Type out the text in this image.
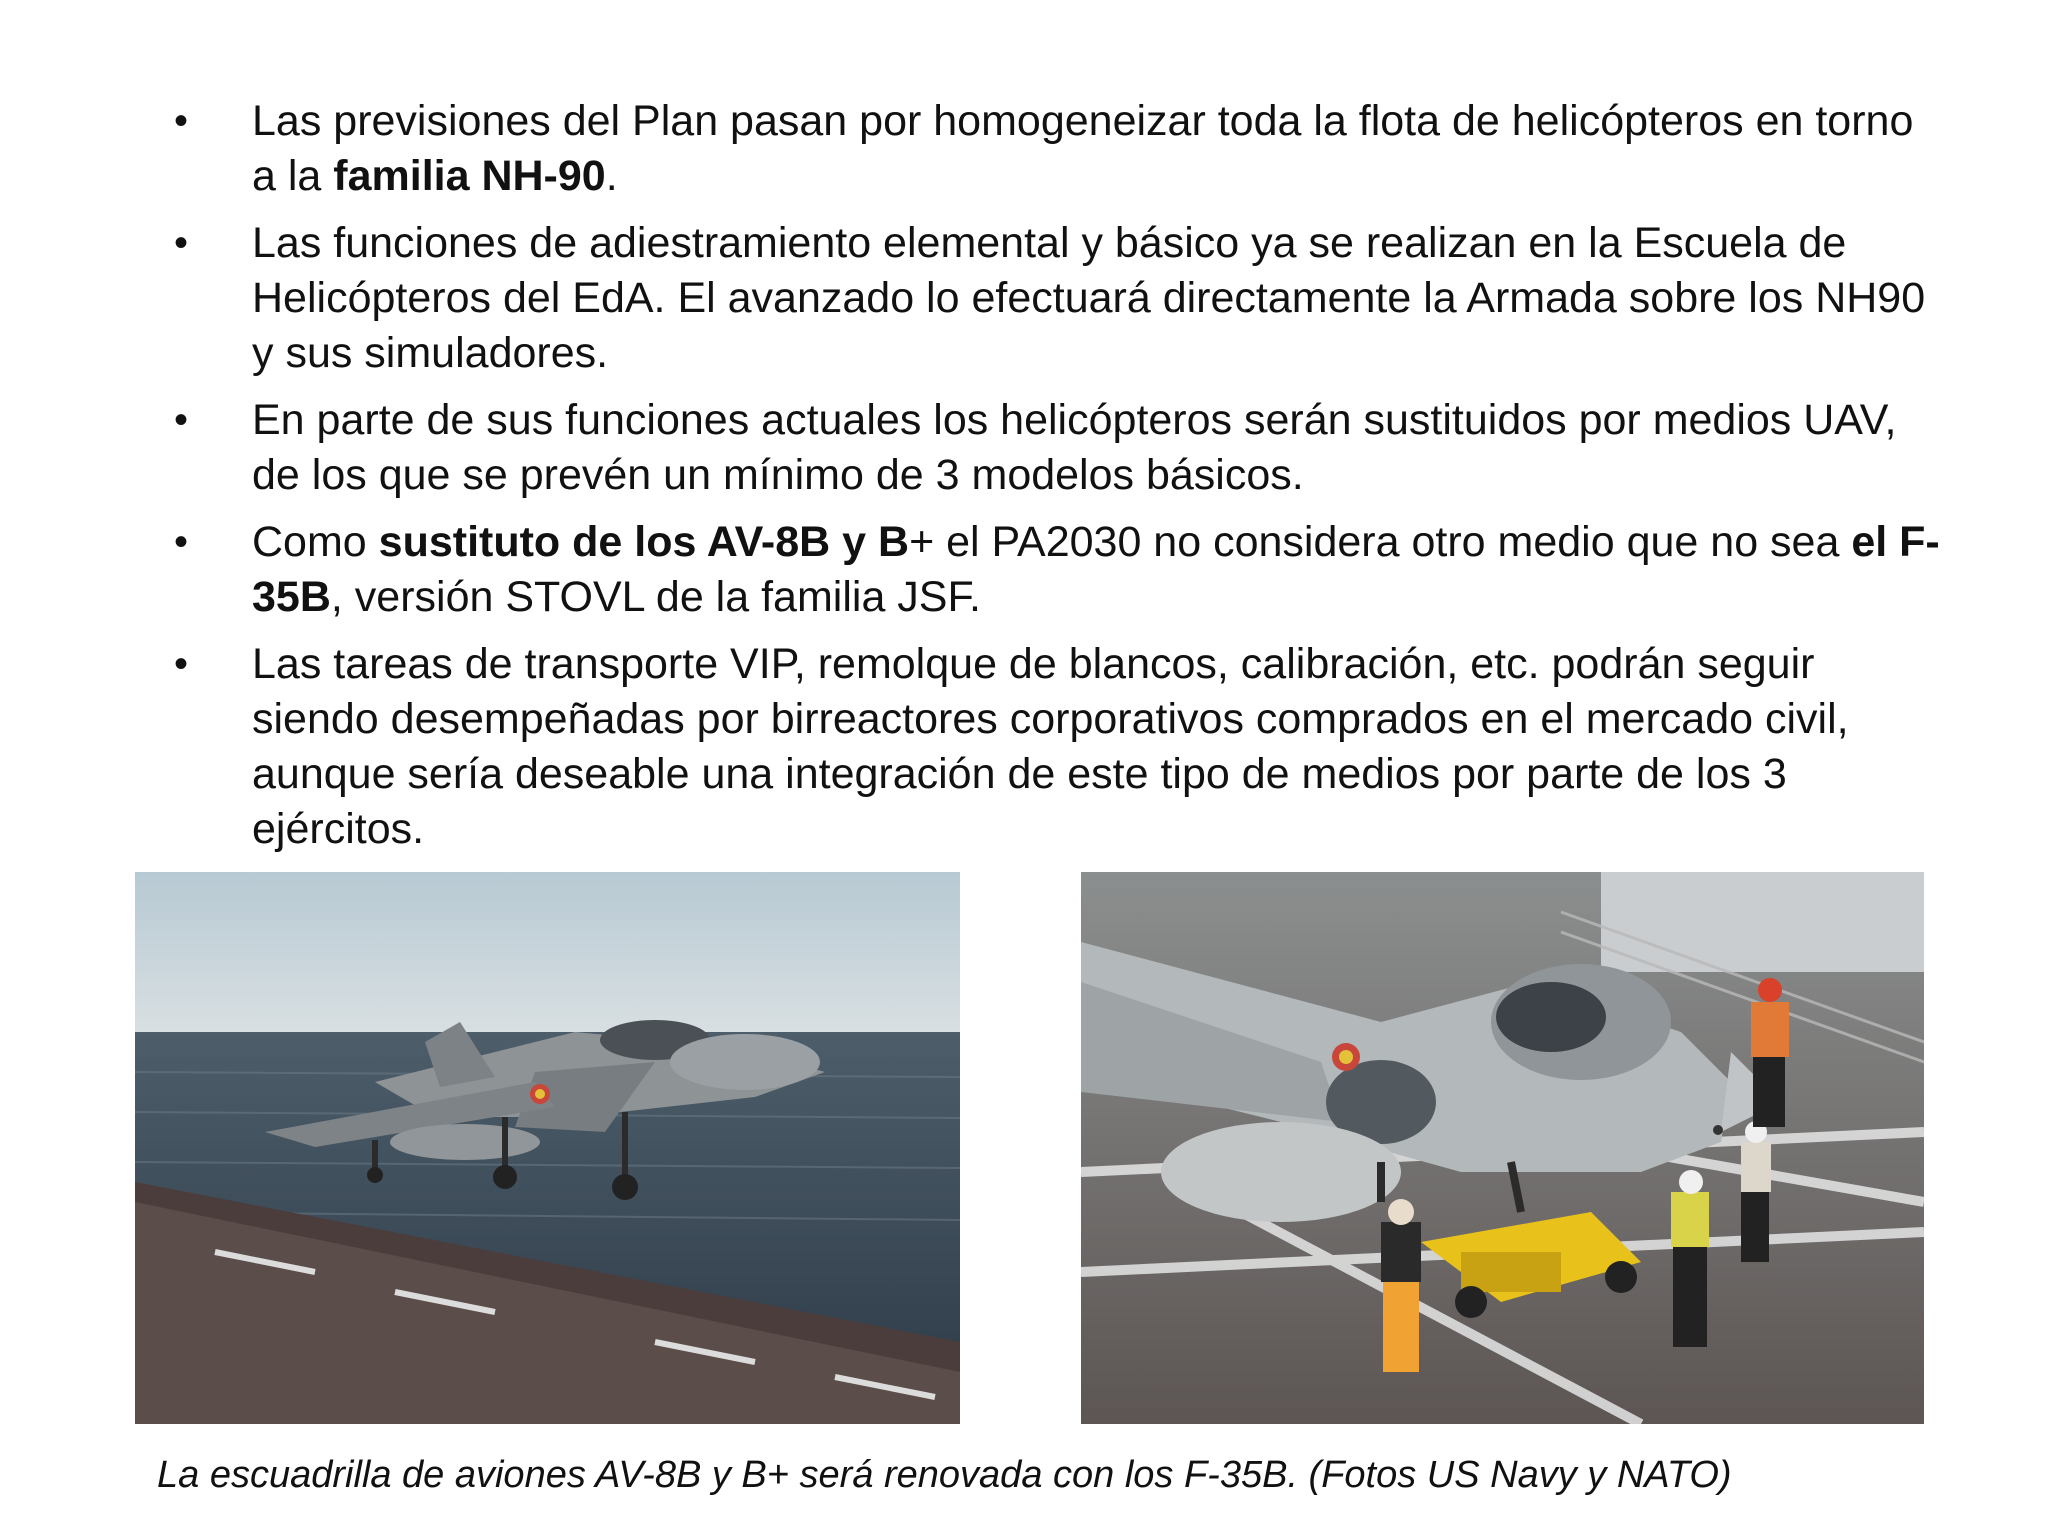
• Las previsiones del Plan pasan por homogeneizar toda la flota de helicópteros en torno a la familia NH-90.
• Las funciones de adiestramiento elemental y básico ya se realizan en la Escuela de Helicópteros del EdA. El avanzado lo efectuará directamente la Armada sobre los NH90 y sus simuladores.
• En parte de sus funciones actuales los helicópteros serán sustituidos por medios UAV, de los que se prevén un mínimo de 3 modelos básicos.
• Como sustituto de los AV-8B y B+ el PA2030 no considera otro medio que no sea el F-35B, versión STOVL de la familia JSF.
• Las tareas de transporte VIP, remolque de blancos, calibración, etc. podrán seguir siendo desempeñadas por birreactores corporativos comprados en el mercado civil, aunque sería deseable una integración de este tipo de medios por parte de los 3 ejércitos.
La escuadrilla de aviones AV-8B y B+ será renovada con los F-35B. (Fotos US Navy y NATO)
